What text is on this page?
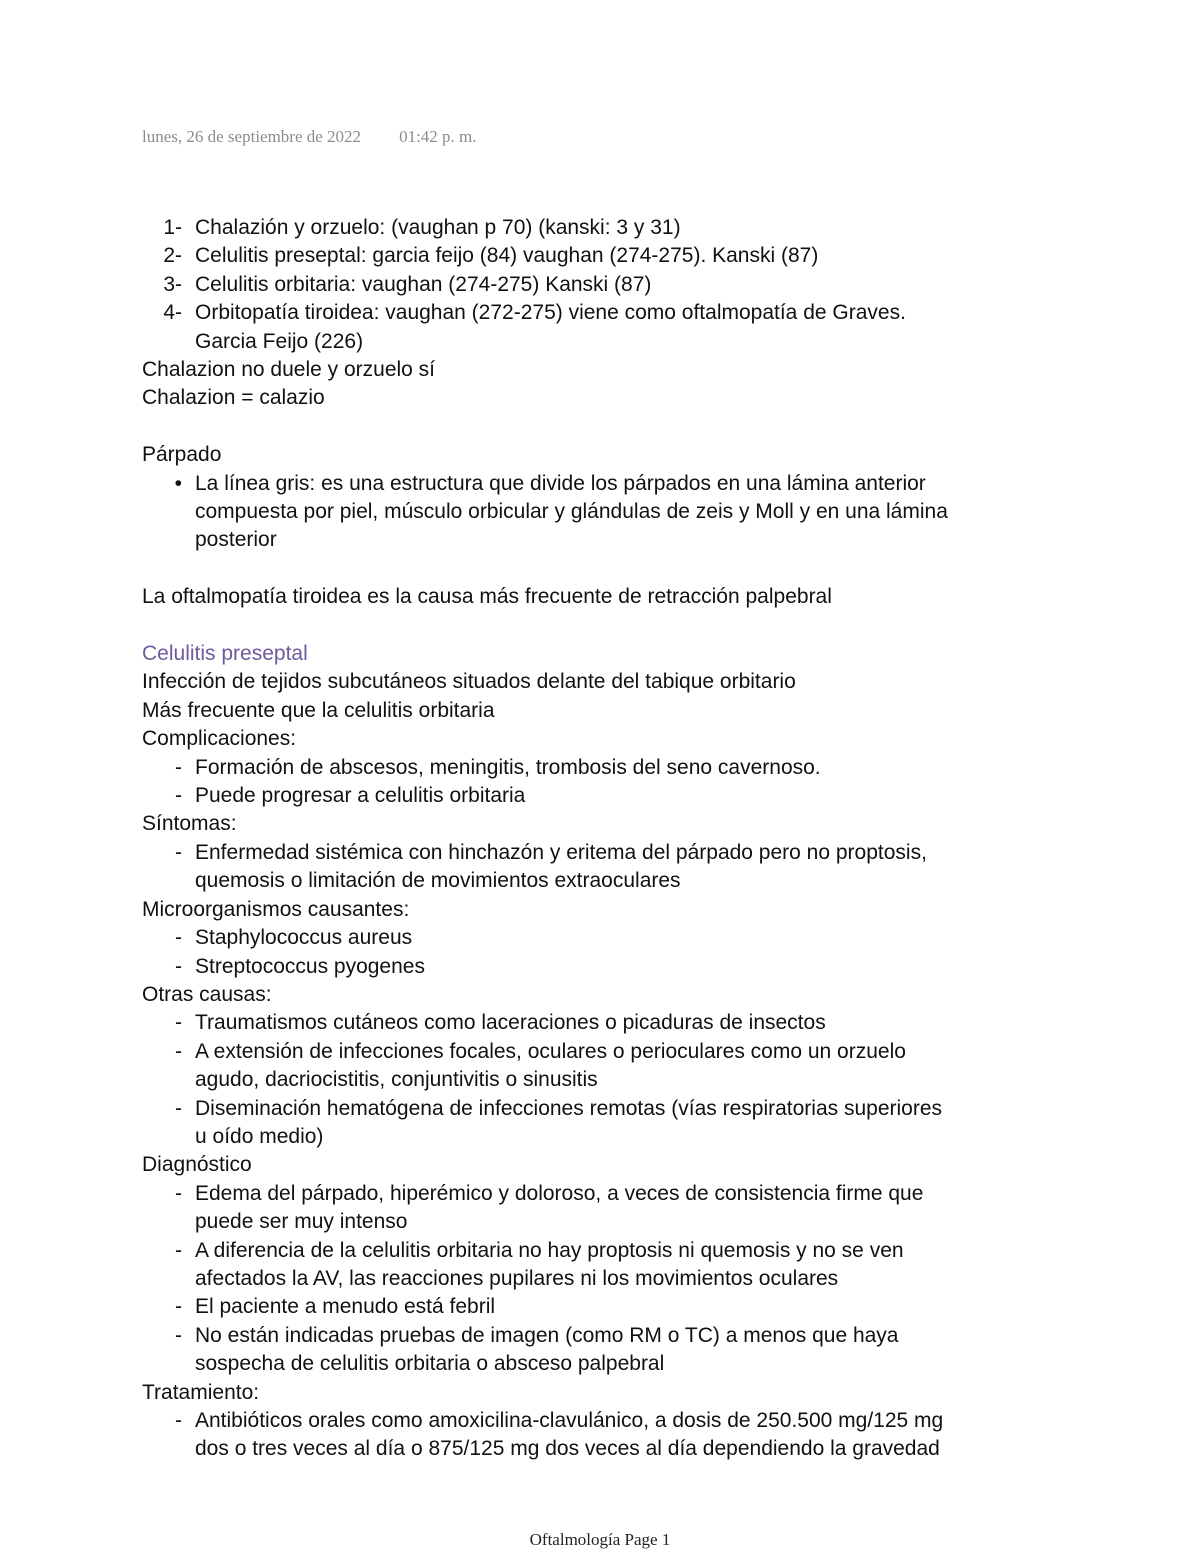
lunes, 26 de septiembre de 2022 01:42 p. m.
1- Chalazión y orzuelo: (vaughan p 70) (kanski: 3 y 31)
2- Celulitis preseptal: garcia feijo (84) vaughan (274-275). Kanski (87)
3- Celulitis orbitaria: vaughan (274-275) Kanski (87)
4- Orbitopatía tiroidea: vaughan (272-275) viene como oftalmopatía de Graves.
Garcia Feijo (226)
Chalazion no duele y orzuelo sí
Chalazion = calazio
Párpado
• La línea gris: es una estructura que divide los párpados en una lámina anterior
compuesta por piel, músculo orbicular y glándulas de zeis y Moll y en una lámina
posterior
La oftalmopatía tiroidea es la causa más frecuente de retracción palpebral
Celulitis preseptal
Infección de tejidos subcutáneos situados delante del tabique orbitario
Más frecuente que la celulitis orbitaria
Complicaciones:
- Formación de abscesos, meningitis, trombosis del seno cavernoso.
- Puede progresar a celulitis orbitaria
Síntomas:
- Enfermedad sistémica con hinchazón y eritema del párpado pero no proptosis,
quemosis o limitación de movimientos extraoculares
Microorganismos causantes:
- Staphylococcus aureus
- Streptococcus pyogenes
Otras causas:
- Traumatismos cutáneos como laceraciones o picaduras de insectos
- A extensión de infecciones focales, oculares o perioculares como un orzuelo
agudo, dacriocistitis, conjuntivitis o sinusitis
- Diseminación hematógena de infecciones remotas (vías respiratorias superiores
u oído medio)
Diagnóstico
- Edema del párpado, hiperémico y doloroso, a veces de consistencia firme que
puede ser muy intenso
- A diferencia de la celulitis orbitaria no hay proptosis ni quemosis y no se ven
afectados la AV, las reacciones pupilares ni los movimientos oculares
- El paciente a menudo está febril
- No están indicadas pruebas de imagen (como RM o TC) a menos que haya
sospecha de celulitis orbitaria o absceso palpebral
Tratamiento:
- Antibióticos orales como amoxicilina-clavulánico, a dosis de 250.500 mg/125 mg
dos o tres veces al día o 875/125 mg dos veces al día dependiendo la gravedad
Oftalmología Page 1
